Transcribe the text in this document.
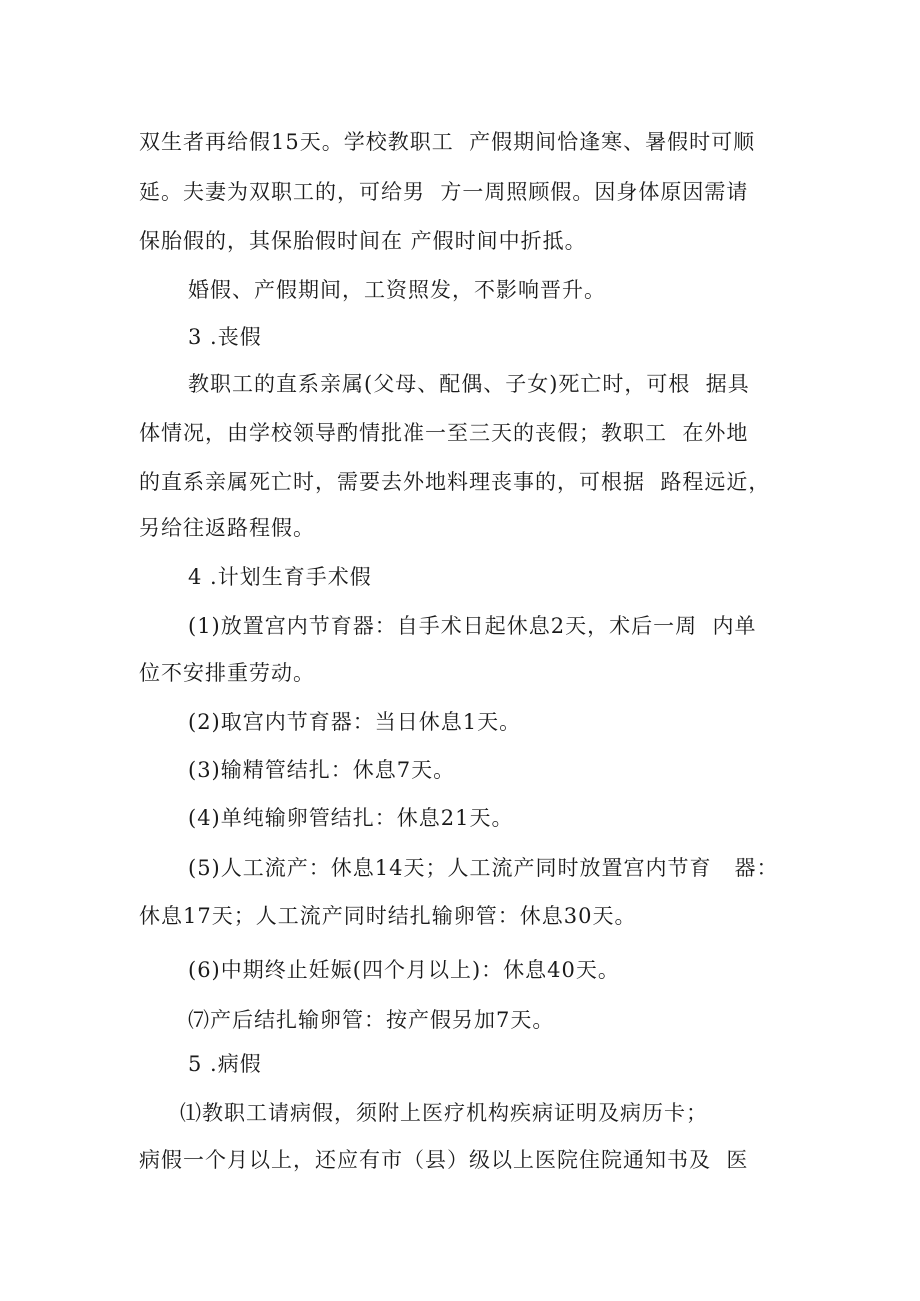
双生者再给假15天。学校教职工  产假期间恰逢寒、暑假时可顺
延。夫妻为双职工的，可给男  方一周照顾假。因身体原因需请
保胎假的，其保胎假时间在 产假时间中折抵。
婚假、产假期间，工资照发，不影响晋升。
3 .丧假
教职工的直系亲属(父母、配偶、子女)死亡时，可根  据具
体情况，由学校领导酌情批准一至三天的丧假；教职工  在外地
的直系亲属死亡时，需要去外地料理丧事的，可根据  路程远近，
另给往返路程假。
4 .计划生育手术假
(1)放置宫内节育器：自手术日起休息2天，术后一周  内单
位不安排重劳动。
(2)取宫内节育器：当日休息1天。
(3)输精管结扎：休息7天。
(4)单纯输卵管结扎：休息21天。
(5)人工流产：休息14天；人工流产同时放置宫内节育   器：
休息17天；人工流产同时结扎输卵管：休息30天。
(6)中期终止妊娠(四个月以上)：休息40天。
⑺产后结扎输卵管：按产假另加7天。
5 .病假
⑴教职工请病假，须附上医疗机构疾病证明及病历卡；
病假一个月以上，还应有市（县）级以上医院住院通知书及  医
